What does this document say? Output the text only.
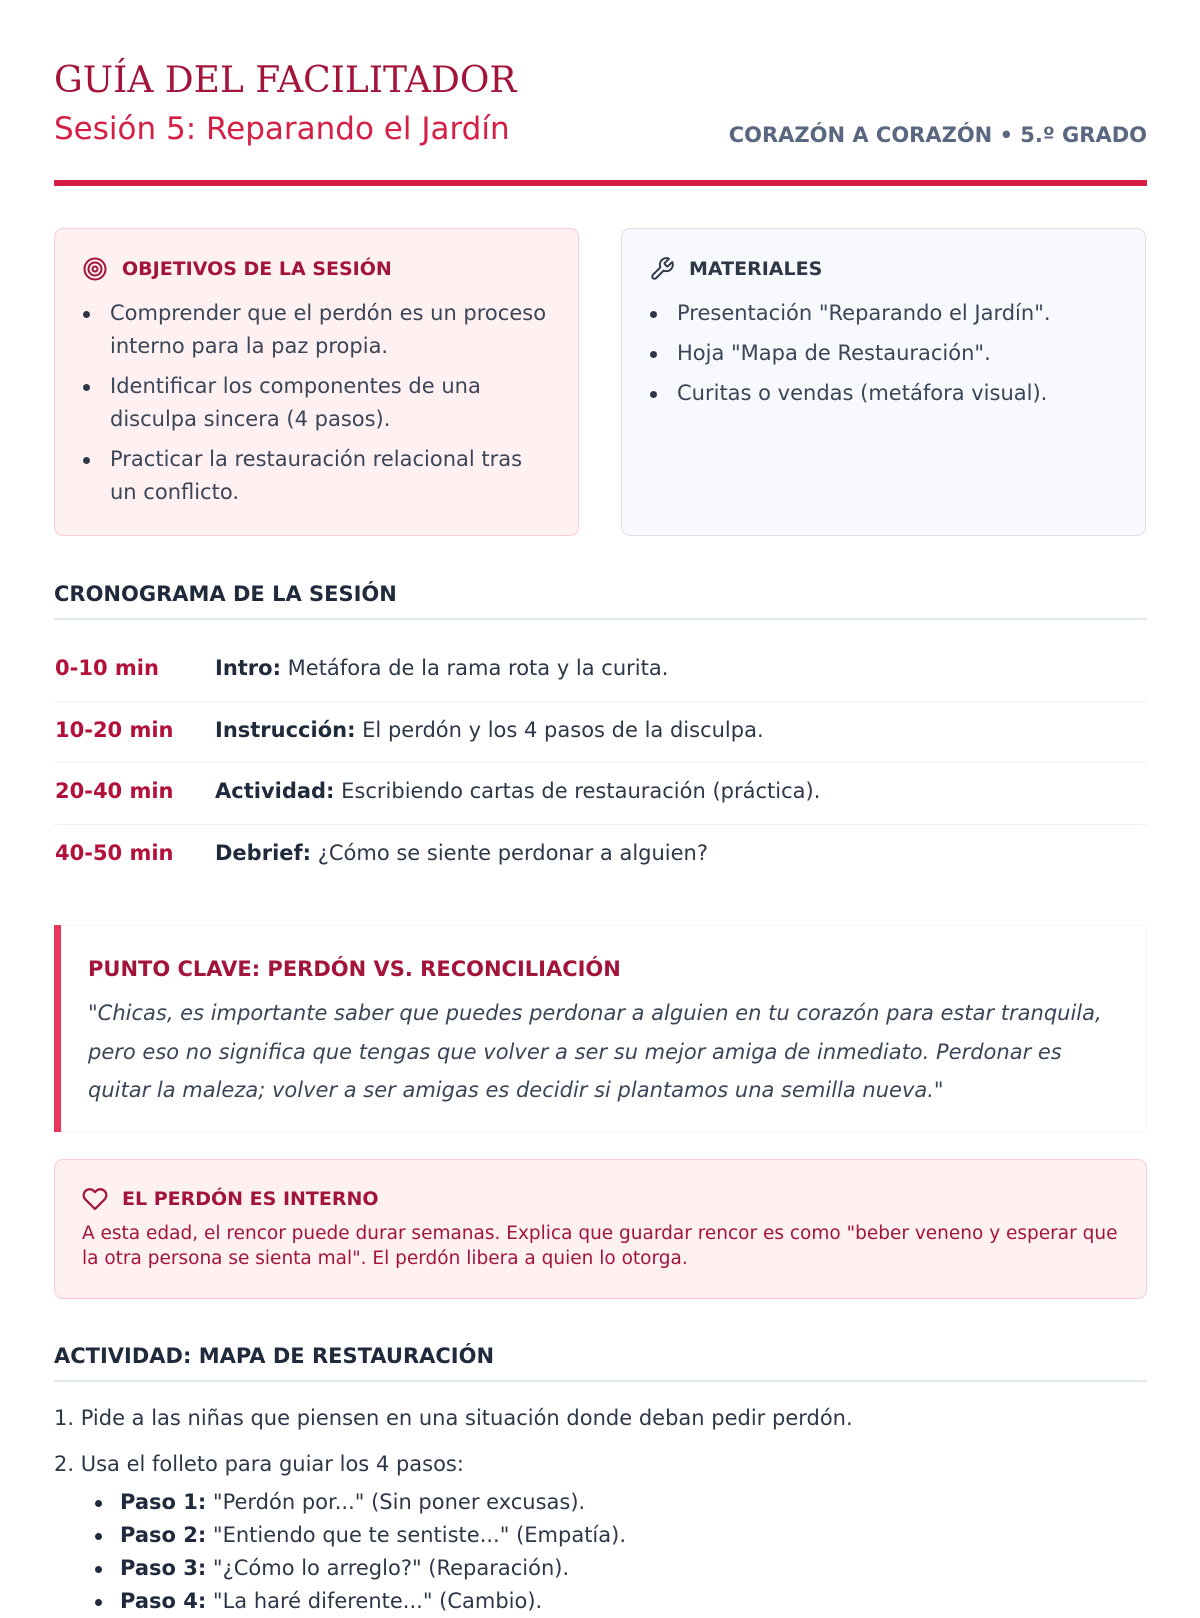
GUÍA DEL FACILITADOR
Sesión 5: Reparando el Jardín	CORAZÓN A CORAZÓN • 5.º GRADO
OBJETIVOS DE LA SESIÓN
Comprender que el perdón es un proceso interno para la paz propia.
Identificar los componentes de una disculpa sincera (4 pasos).
Practicar la restauración relacional tras un conflicto.
MATERIALES
Presentación "Reparando el Jardín".
Hoja "Mapa de Restauración".
Curitas o vendas (metáfora visual).
CRONOGRAMA DE LA SESIÓN
0-10 min	Intro: Metáfora de la rama rota y la curita.
10-20 min Instrucción: El perdón y los 4 pasos de la disculpa.
20-40 min Actividad: Escribiendo cartas de restauración (práctica).
40-50 min Debrief: ¿Cómo se siente perdonar a alguien?
PUNTO CLAVE: PERDÓN VS. RECONCILIACIÓN
"Chicas, es importante saber que puedes perdonar a alguien en tu corazón para estar tranquila, pero eso no significa que tengas que volver a ser su mejor amiga de inmediato. Perdonar es quitar la maleza; volver a ser amigas es decidir si plantamos una semilla nueva."
EL PERDÓN ES INTERNO
A esta edad, el rencor puede durar semanas. Explica que guardar rencor es como "beber veneno y esperar que la otra persona se sienta mal". El perdón libera a quien lo otorga.
ACTIVIDAD: MAPA DE RESTAURACIÓN
1. Pide a las niñas que piensen en una situación donde deban pedir perdón.
2. Usa el folleto para guiar los 4 pasos:
Paso 1: "Perdón por..." (Sin poner excusas).
Paso 2: "Entiendo que te sentiste..." (Empatía).
Paso 3: "¿Cómo lo arreglo?" (Reparación).
Paso 4: "La haré diferente..." (Cambio).
